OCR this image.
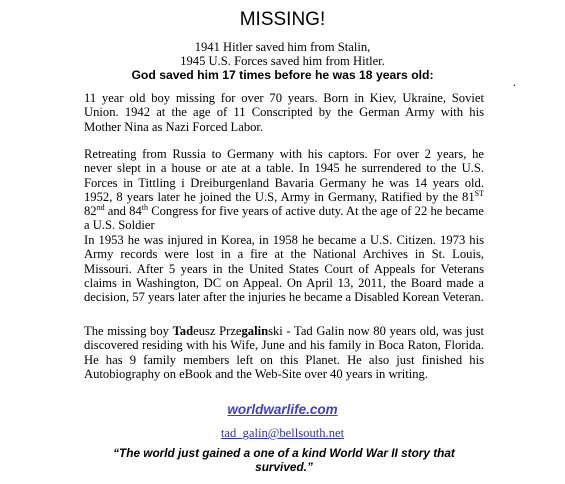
MISSING!
1941 Hitler saved him from Stalin,
1945 U.S. Forces saved him from Hitler.
God saved him 17 times before he was 18 years old:	.
11 year old boy missing for over 70 years. Born in Kiev, Ukraine, Soviet Union. 1942 at the age of 11 Conscripted by the German Army with his Mother Nina as Nazi Forced Labor.
Retreating from Russia to Germany with his captors. For over 2 years, he never slept in a house or ate at a table. In 1945 he surrendered to the U.S. Forces in Tittling i Dreiburgenland Bavaria Germany he was 14 years old. 1952, 8 years later he joined the U.S, Army in Germany, Ratified by the 81ST 82nd and 84th Congress for five years of active duty. At the age of 22 he became a U.S. Soldier
In 1953 he was injured in Korea, in 1958 he became a U.S. Citizen. 1973 his Army records were lost in a fire at the National Archives in St. Louis, Missouri. After 5 years in the United States Court of Appeals for Veterans claims in Washington, DC on Appeal. On April 13, 2011, the Board made a decision, 57 years later after the injuries he became a Disabled Korean Veteran.
The missing boy Tadeusz Przegalinski - Tad Galin now 80 years old, was just discovered residing with his Wife, June and his family in Boca Raton, Florida. He has 9 family members left on this Planet. He also just finished his Autobiography on eBook and the Web-Site over 40 years in writing.
worldwarlife.com
tad_galin@bellsouth.net
“The world just gained a one of a kind World War II story that survived.”
